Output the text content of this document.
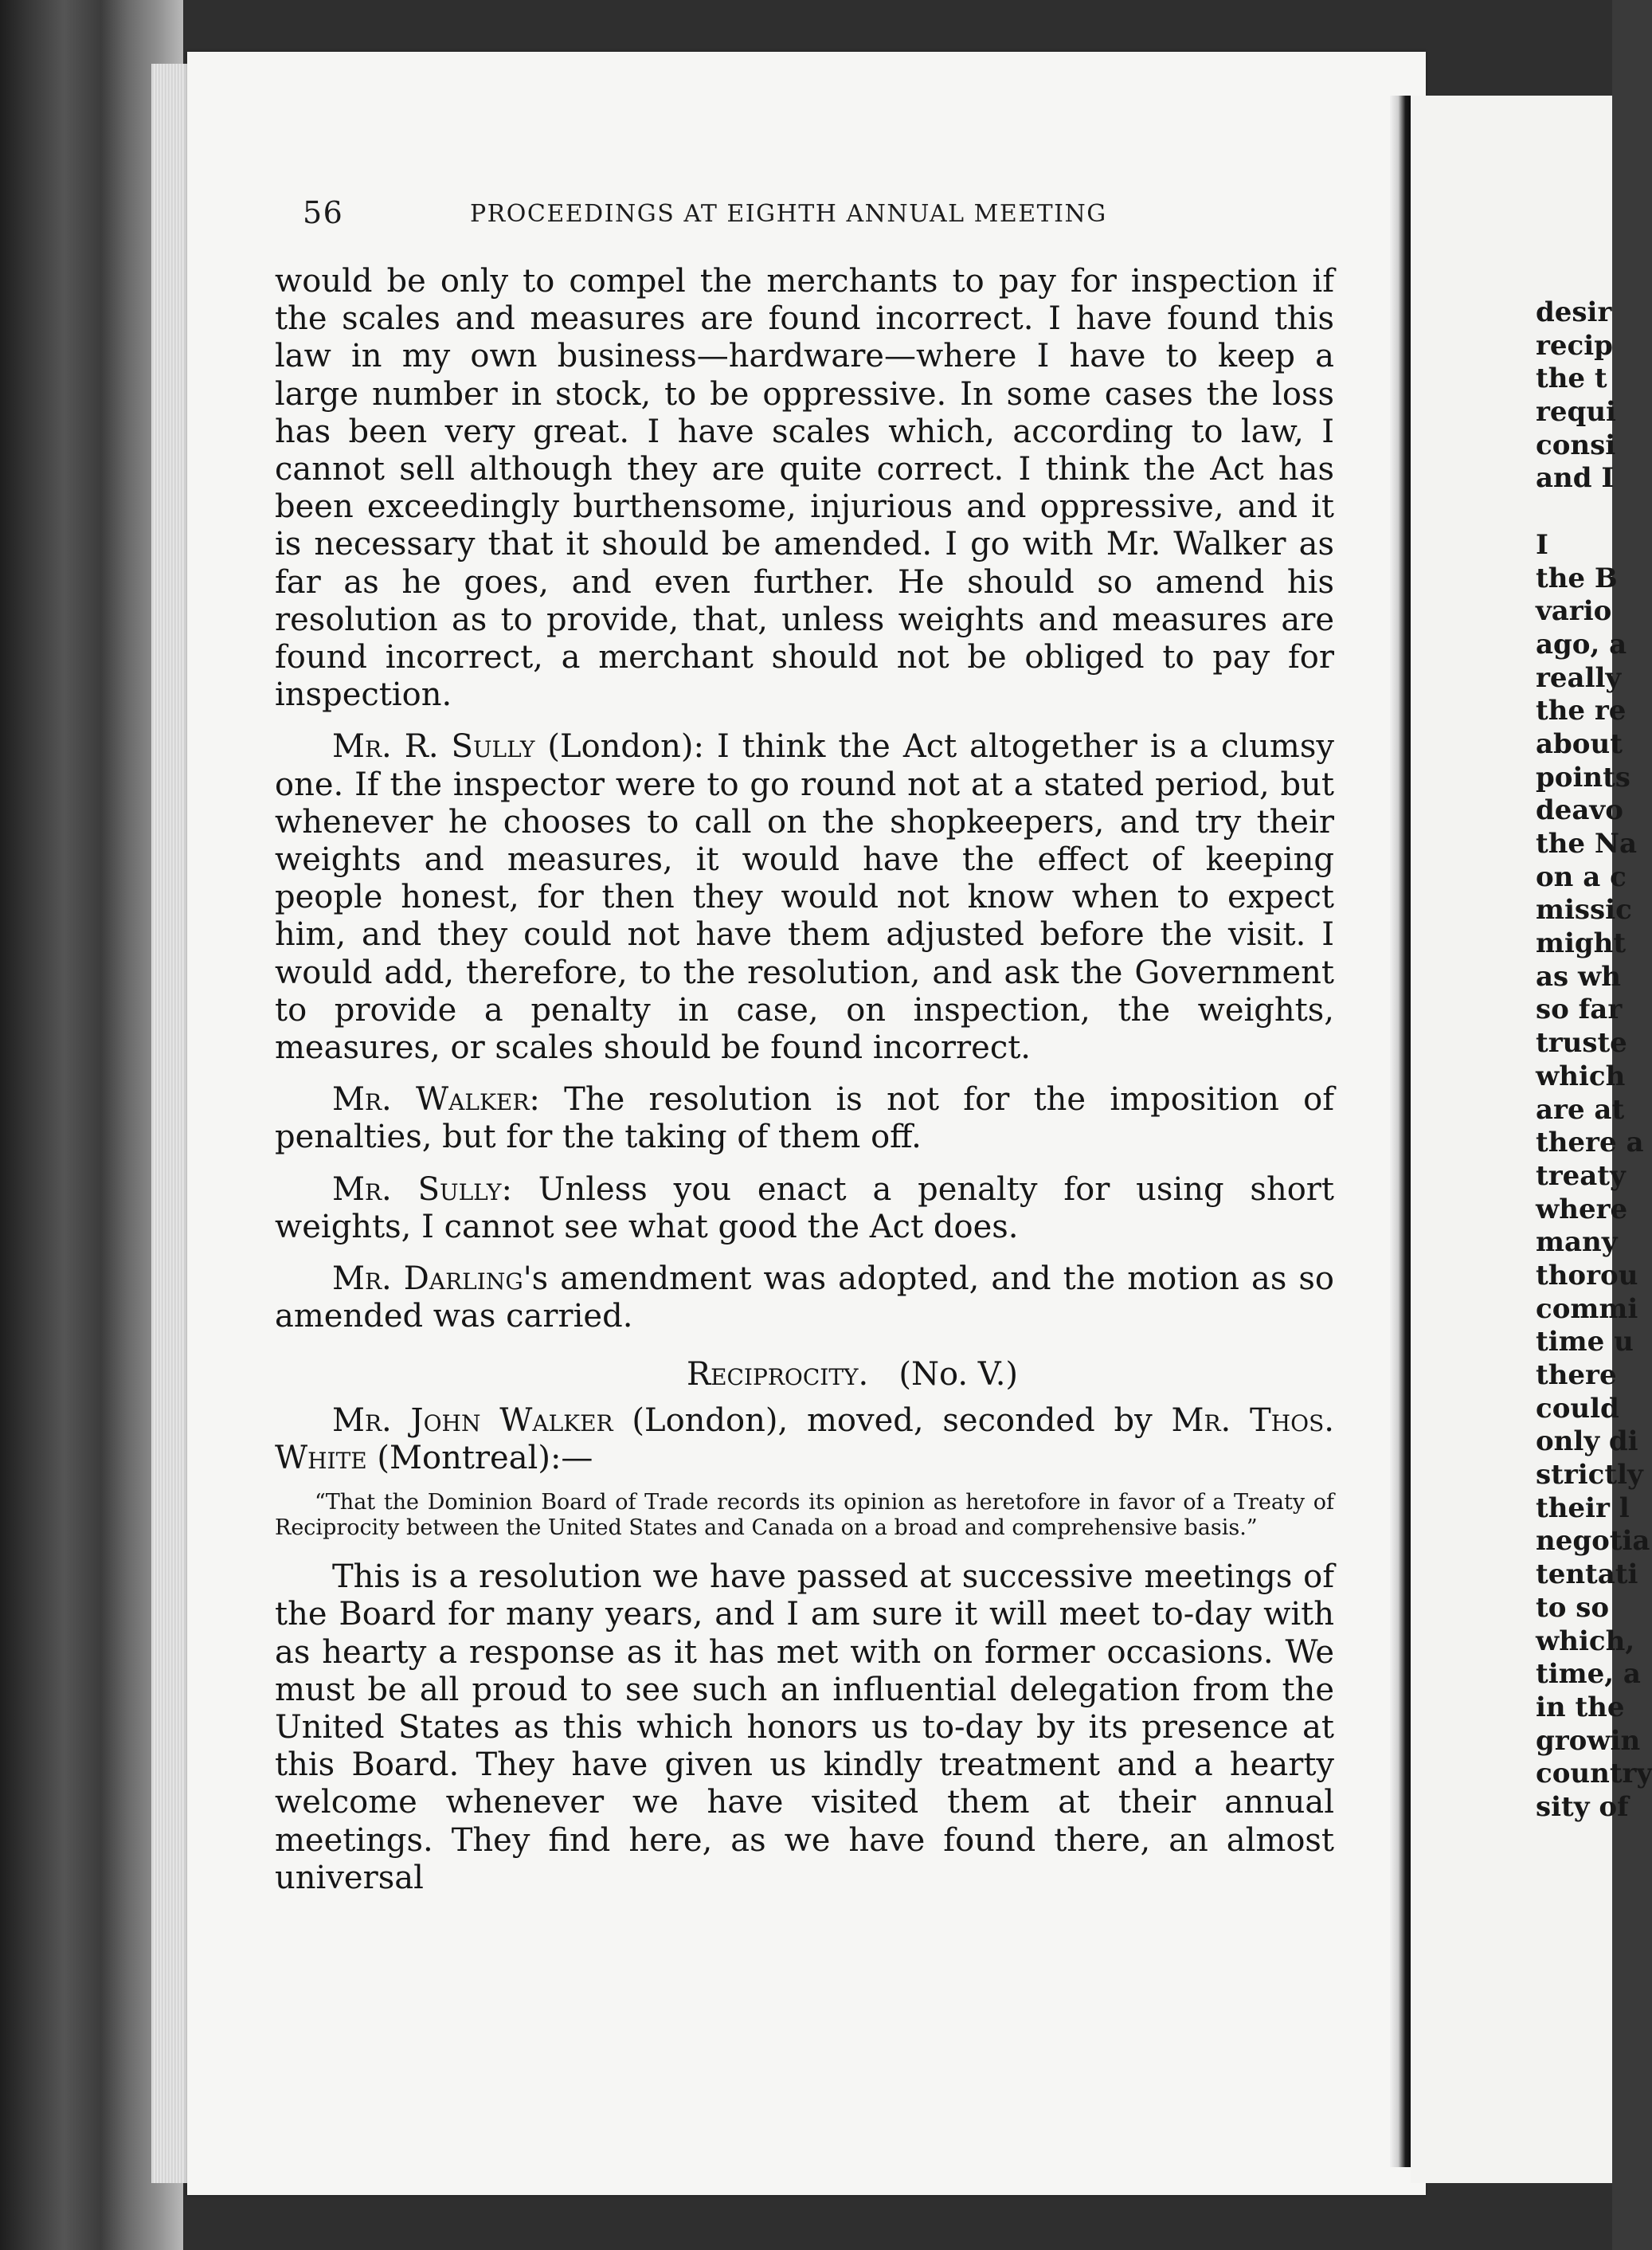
56	PROCEEDINGS AT EIGHTH ANNUAL MEETING

would be only to compel the merchants to pay for inspection if the scales and measures are found incorrect. I have found this law in my own business—hardware—where I have to keep a large number in stock, to be oppressive. In some cases the loss has been very great. I have scales which, according to law, I cannot sell although they are quite correct. I think the Act has been exceedingly burthensome, injurious and oppressive, and it is necessary that it should be amended. I go with Mr. Walker as far as he goes, and even further. He should so amend his resolution as to provide, that, unless weights and measures are found incorrect, a merchant should not be obliged to pay for inspection.

Mr. R. Sully (London): I think the Act altogether is a clumsy one. If the inspector were to go round not at a stated period, but whenever he chooses to call on the shopkeepers, and try their weights and measures, it would have the effect of keeping people honest, for then they would not know when to expect him, and they could not have them adjusted before the visit. I would add, therefore, to the resolution, and ask the Government to provide a penalty in case, on inspection, the weights, measures, or scales should be found incorrect.

Mr. Walker: The resolution is not for the imposition of penalties, but for the taking of them off.

Mr. Sully: Unless you enact a penalty for using short weights, I cannot see what good the Act does.

Mr. Darling's amendment was adopted, and the motion as so amended was carried.

Reciprocity. (No. V.)

Mr. John Walker (London), moved, seconded by Mr. Thos. White (Montreal):—

“That the Dominion Board of Trade records its opinion as heretofore in favor of a Treaty of Reciprocity between the United States and Canada on a broad and comprehensive basis.”

This is a resolution we have passed at successive meetings of the Board for many years, and I am sure it will meet to-day with as hearty a response as it has met with on former occasions. We must be all proud to see such an influential delegation from the United States as this which honors us to-day by its presence at this Board. They have given us kindly treatment and a hearty welcome whenever we have visited them at their annual meetings. They find here, as we have found there, an almost universal

desir
recip
the t
requi
consi
and I
I
the B
vario
ago, a
really
the re
about
points
deavo
the Na
on a c
missic
might
as wh
so far
truste
which
are at
there a
treaty
where
many
thorou
commi
time u
there
could
only di
strictly
their l
negotia
tentati
to so
which,
time, a
in the
growin
country
sity of
